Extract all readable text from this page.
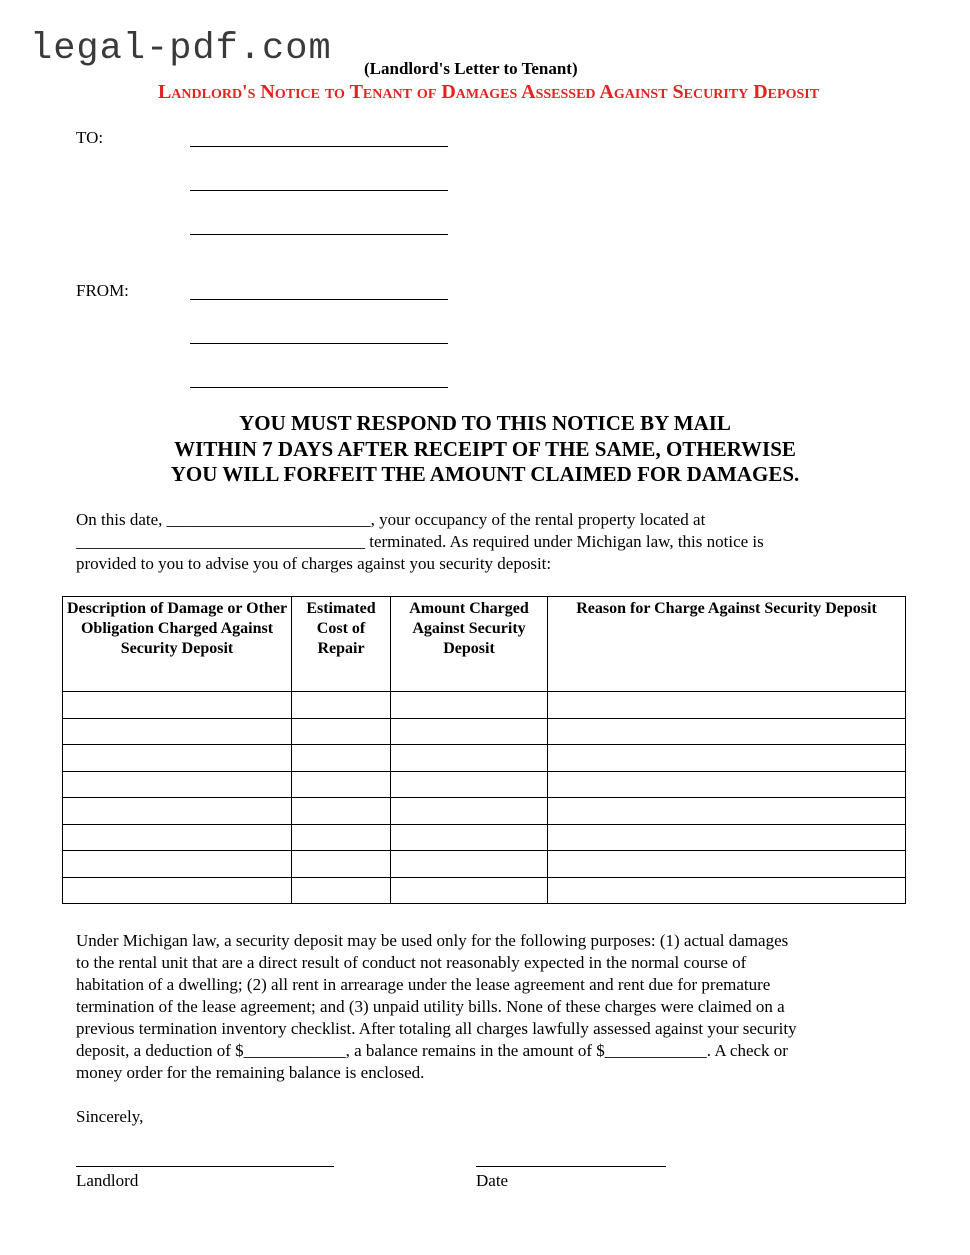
legal-pdf.com (Landlord's Letter to Tenant)
Landlord's Notice to Tenant of Damages Assessed Against Security Deposit
TO:
FROM:
YOU MUST RESPOND TO THIS NOTICE BY MAIL
WITHIN 7 DAYS AFTER RECEIPT OF THE SAME, OTHERWISE
YOU WILL FORFEIT THE AMOUNT CLAIMED FOR DAMAGES.
On this date, ________________________, your occupancy of the rental property located at
__________________________________ terminated. As required under Michigan law, this notice is
provided to you to advise you of charges against you security deposit:
Description of Damage or Other Obligation Charged Against Security Deposit	Estimated Cost of Repair	Amount Charged Against Security Deposit	Reason for Charge Against Security Deposit

Under Michigan law, a security deposit may be used only for the following purposes: (1) actual damages
to the rental unit that are a direct result of conduct not reasonably expected in the normal course of
habitation of a dwelling; (2) all rent in arrearage under the lease agreement and rent due for premature
termination of the lease agreement; and (3) unpaid utility bills. None of these charges were claimed on a
previous termination inventory checklist. After totaling all charges lawfully assessed against your security
deposit, a deduction of $____________, a balance remains in the amount of $____________. A check or
money order for the remaining balance is enclosed.
Sincerely,
Landlord	Date
